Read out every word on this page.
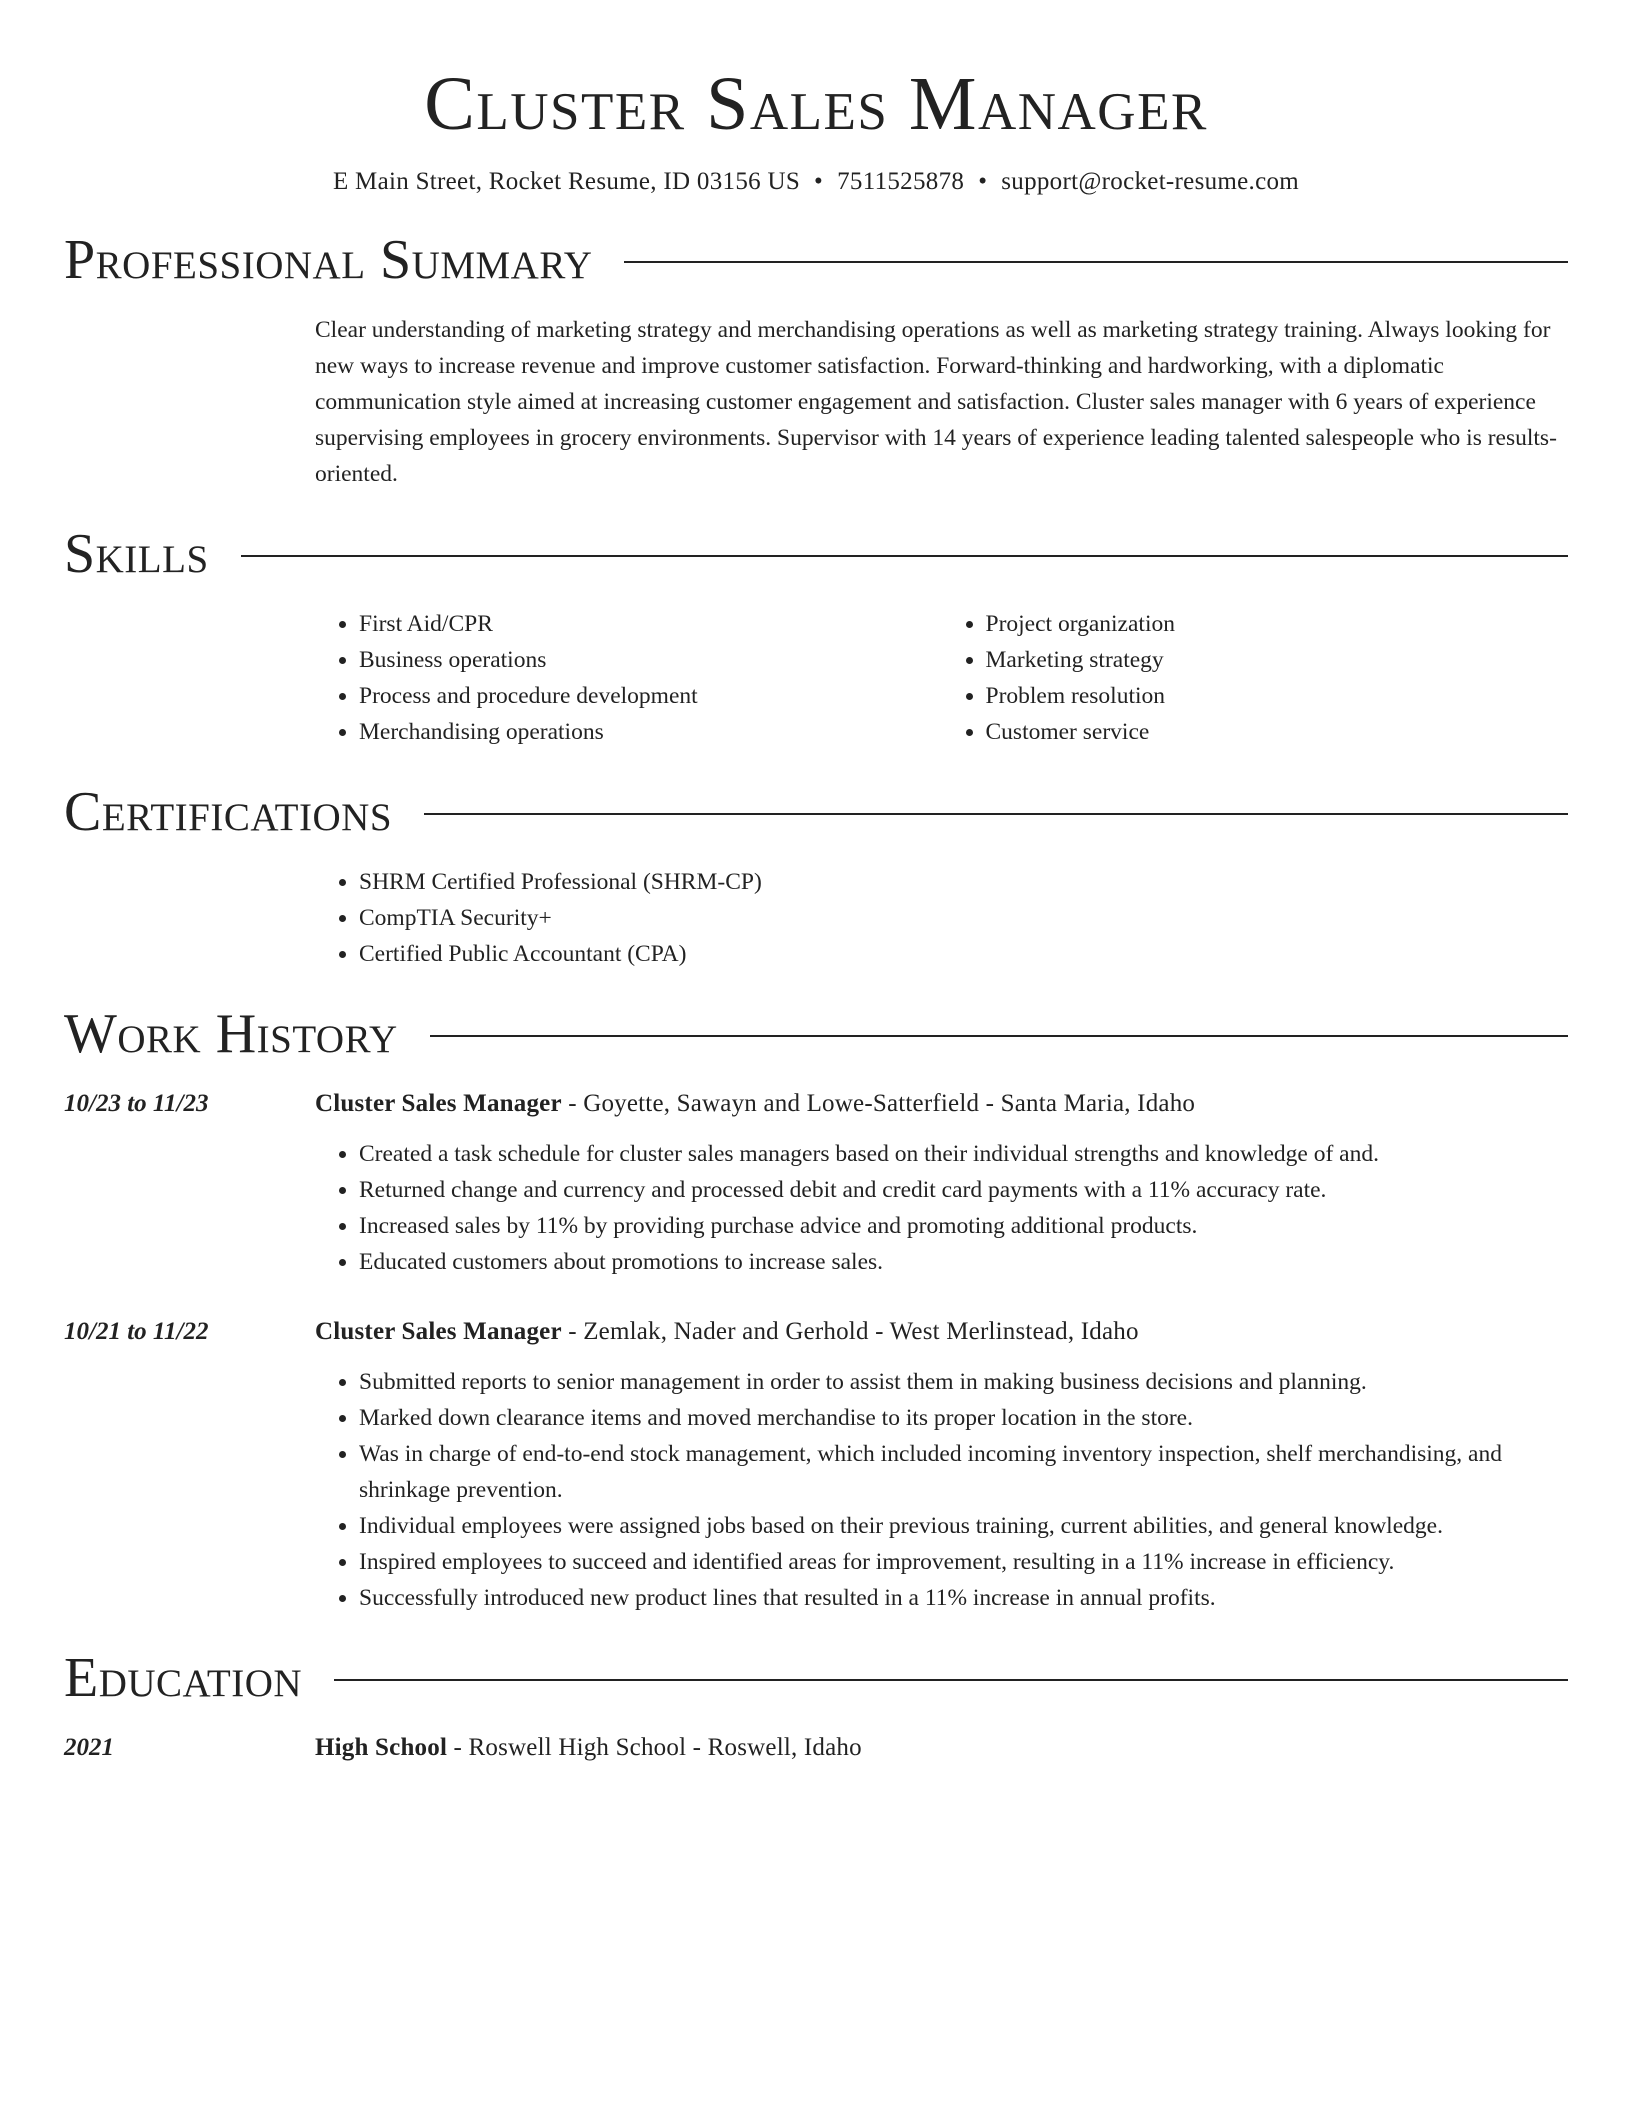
Cluster Sales Manager
E Main Street, Rocket Resume, ID 03156 US • 7511525878 • support@rocket-resume.com
Professional Summary

Clear understanding of marketing strategy and merchandising operations as well as marketing strategy training. Always looking for new ways to increase revenue and improve customer satisfaction. Forward-thinking and hardworking, with a diplomatic communication style aimed at increasing customer engagement and satisfaction. Cluster sales manager with 6 years of experience supervising employees in grocery environments. Supervisor with 14 years of experience leading talented salespeople who is results-oriented.

Skills
• First Aid/CPR
• Business operations
• Process and procedure development
• Merchandising operations
• Project organization
• Marketing strategy
• Problem resolution
• Customer service
Certifications
• SHRM Certified Professional (SHRM-CP)
• CompTIA Security+
• Certified Public Accountant (CPA)
Work History
10/23 to 11/23	Cluster Sales Manager - Goyette, Sawayn and Lowe-Satterfield - Santa Maria, Idaho
• Created a task schedule for cluster sales managers based on their individual strengths and knowledge of and.
• Returned change and currency and processed debit and credit card payments with a 11% accuracy rate.
• Increased sales by 11% by providing purchase advice and promoting additional products.
• Educated customers about promotions to increase sales.
10/21 to 11/22	Cluster Sales Manager - Zemlak, Nader and Gerhold - West Merlinstead, Idaho
• Submitted reports to senior management in order to assist them in making business decisions and planning.
• Marked down clearance items and moved merchandise to its proper location in the store.
• Was in charge of end-to-end stock management, which included incoming inventory inspection, shelf merchandising, and shrinkage prevention.
• Individual employees were assigned jobs based on their previous training, current abilities, and general knowledge.
• Inspired employees to succeed and identified areas for improvement, resulting in a 11% increase in efficiency.
• Successfully introduced new product lines that resulted in a 11% increase in annual profits.
Education
2021	High School - Roswell High School - Roswell, Idaho
